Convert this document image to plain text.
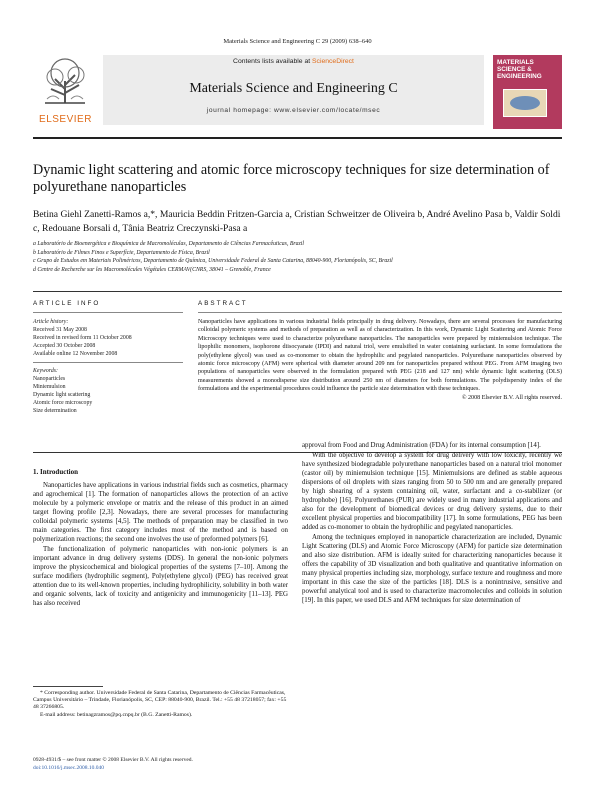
Materials Science and Engineering C 29 (2009) 638–640
ELSEVIER
Contents lists available at ScienceDirect
Materials Science and Engineering C
journal homepage: www.elsevier.com/locate/msec
MATERIALS SCIENCE & ENGINEERING
Dynamic light scattering and atomic force microscopy techniques for size determination of polyurethane nanoparticles
Betina Giehl Zanetti-Ramos a,*, Mauricia Beddin Fritzen-Garcia a, Cristian Schweitzer de Oliveira b, André Avelino Pasa b, Valdir Soldi c, Redouane Borsali d, Tânia Beatriz Creczynski-Pasa a
a Laboratório de Bioenergética e Bioquímica de Macromoléculas, Departamento de Ciências Farmacêuticas, Brazil
b Laboratório de Filmes Finos e Superfície, Departamento de Física, Brazil
c Grupo de Estudos em Materiais Poliméricos, Departamento de Química, Universidade Federal de Santa Catarina, 88040-900, Florianópolis, SC, Brazil
d Centre de Recherche sur les Macromolécules Végétales CERMAV(CNRS, 38041 – Grenoble, France
ARTICLE INFO	ABSTRACT
Article history:
Received 31 May 2008
Received in revised form 11 October 2008
Accepted 30 October 2008
Available online 12 November 2008
Keywords:
Nanoparticles
Miniemulsion
Dynamic light scattering
Atomic force microscopy
Size determination
Nanoparticles have applications in various industrial fields principally in drug delivery. Nowadays, there are several processes for manufacturing colloidal polymeric systems and methods of preparation as well as of characterization. In this work, Dynamic Light Scattering and Atomic Force Microscopy techniques were used to characterize polyurethane nanoparticles. The nanoparticles were prepared by miniemulsion technique. The lipophilic monomers, isophorone diisocyanate (IPDI) and natural triol, were emulsified in water containing surfactant. In some formulations the poly(ethylene glycol) was used as co-monomer to obtain the hydrophilic and pegylated nanoparticles. Polyurethane nanoparticles observed by atomic force microscopy (AFM) were spherical with diameter around 209 nm for nanoparticles prepared without PEG. From AFM imaging two populations of nanoparticles were observed in the formulation prepared with PEG (218 and 127 nm) while dynamic light scattering (DLS) measurements showed a monodisperse size distribution around 250 nm of diameters for both formulations. The polydispersity index of the formulations and the experimental procedures could influence the particle size determination with these techniques.
© 2008 Elsevier B.V. All rights reserved.
1. Introduction

Nanoparticles have applications in various industrial fields such as cosmetics, pharmacy and agrochemical [1]. The formation of nanoparticles allows the protection of an active molecule by a polymeric envelope or matrix and the release of this product in an aimed target flowing profile [2,3]. Nowadays, there are several processes for manufacturing colloidal polymeric systems [4,5]. The methods of preparation may be classified in two main categories. The first category includes most of the method and is based on polymerization reactions; the second one involves the use of preformed polymers [6].

The functionalization of polymeric nanoparticles with non-ionic polymers is an important advance in drug delivery systems (DDS). In general the non-ionic polymers improve the physicochemical and biological properties of the systems [7–10]. Among the surface modifiers (hydrophilic segment), Poly(ethylene glycol) (PEG) has received great attention due to its well-known properties, including hydrophilicity, solubility in both water and organic solvents, lack of toxicity and antigenicity and immunogenicity [11–13]. PEG has also received

approval from Food and Drug Administration (FDA) for its internal consumption [14].

With the objective to develop a system for drug delivery with low toxicity, recently we have synthesized biodegradable polyurethane nanoparticles based on a natural triol monomer (castor oil) by miniemulsion technique [15]. Miniemulsions are defined as stable aqueous dispersions of oil droplets with sizes ranging from 50 to 500 nm and are generally prepared by high shearing of a system containing oil, water, surfactant and a co-stabilizer (or hydrophobe) [16]. Polyurethanes (PUR) are widely used in many industrial applications and also for the development of biomedical devices or drug delivery systems, due to their excellent physical properties and biocompatibility [17]. In some formulations, PEG has been added as co-monomer to obtain the hydrophilic and pegylated nanoparticles.

Among the techniques employed in nanoparticle characterization are included, Dynamic Light Scattering (DLS) and Atomic Force Microscopy (AFM) for particle size determination and also size distribution. AFM is ideally suited for characterizing nanoparticles because it offers the capability of 3D visualization and both qualitative and quantitative information on many physical properties including size, morphology, surface texture and roughness and more important in this case the size of the particles [18]. DLS is a nonintrusive, sensitive and powerful analytical tool and is used to characterize macromolecules and colloids in solution [19]. In this paper, we used DLS and AFM techniques for size determination of

* Corresponding author. Universidade Federal de Santa Catarina, Departamento de Ciências Farmacêuticas, Campus Universitário – Trindade, Florianópolis, SC, CEP: 88040-900, Brazil. Tel.: +55 48 37218057; fax: +55 48 37266805.

E-mail address: betinagzramos@pq.cnpq.br (B.G. Zanetti-Ramos).

0928-4931/$ – see front matter © 2008 Elsevier B.V. All rights reserved.
doi:10.1016/j.msec.2008.10.040
